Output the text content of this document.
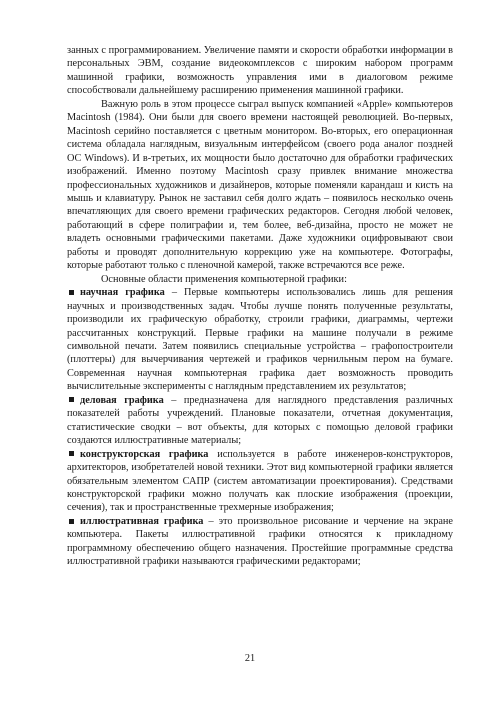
занных с программированием. Увеличение памяти и скорости обработки информации в персональных ЭВМ, создание видеокомплексов с широким набором программ машинной графики, возможность управления ими в диалоговом режиме способствовали дальнейшему расширению применения машинной графики.

Важную роль в этом процессе сыграл выпуск компанией «Apple» компьютеров Macintosh (1984). Они были для своего времени настоящей революцией. Во-первых, Macintosh серийно поставляется с цветным монитором. Во-вторых, его операционная система обладала наглядным, визуальным интерфейсом (своего рода аналог поздней ОС Windows). И в-третьих, их мощности было достаточно для обработки графических изображений. Именно поэтому Macintosh сразу привлек внимание множества профессиональных художников и дизайнеров, которые поменяли карандаш и кисть на мышь и клавиатуру. Рынок не заставил себя долго ждать – появилось несколько очень впечатляющих для своего времени графических редакторов. Сегодня любой человек, работающий в сфере полиграфии и, тем более, веб-дизайна, просто не может не владеть основными графическими пакетами. Даже художники оцифровывают свои работы и проводят дополнительную коррекцию уже на компьютере. Фотографы, которые работают только с пленочной камерой, также встречаются все реже.

Основные области применения компьютерной графики:

научная графика – Первые компьютеры использовались лишь для решения научных и производственных задач. Чтобы лучше понять полученные результаты, производили их графическую обработку, строили графики, диаграммы, чертежи рассчитанных конструкций. Первые графики на машине получали в режиме символьной печати. Затем появились специальные устройства – графопостроители (плоттеры) для вычерчивания чертежей и графиков чернильным пером на бумаге. Современная научная компьютерная графика дает возможность проводить вычислительные эксперименты с наглядным представлением их результатов;

деловая графика – предназначена для наглядного представления различных показателей работы учреждений. Плановые показатели, отчетная документация, статистические сводки – вот объекты, для которых с помощью деловой графики создаются иллюстративные материалы;

конструкторская графика используется в работе инженеров-конструкторов, архитекторов, изобретателей новой техники. Этот вид компьютерной графики является обязательным элементом САПР (систем автоматизации проектирования). Средствами конструкторской графики можно получать как плоские изображения (проекции, сечения), так и пространственные трехмерные изображения;

иллюстративная графика – это произвольное рисование и черчение на экране компьютера. Пакеты иллюстративной графики относятся к прикладному программному обеспечению общего назначения. Простейшие программные средства иллюстративной графики называются графическими редакторами;

21
